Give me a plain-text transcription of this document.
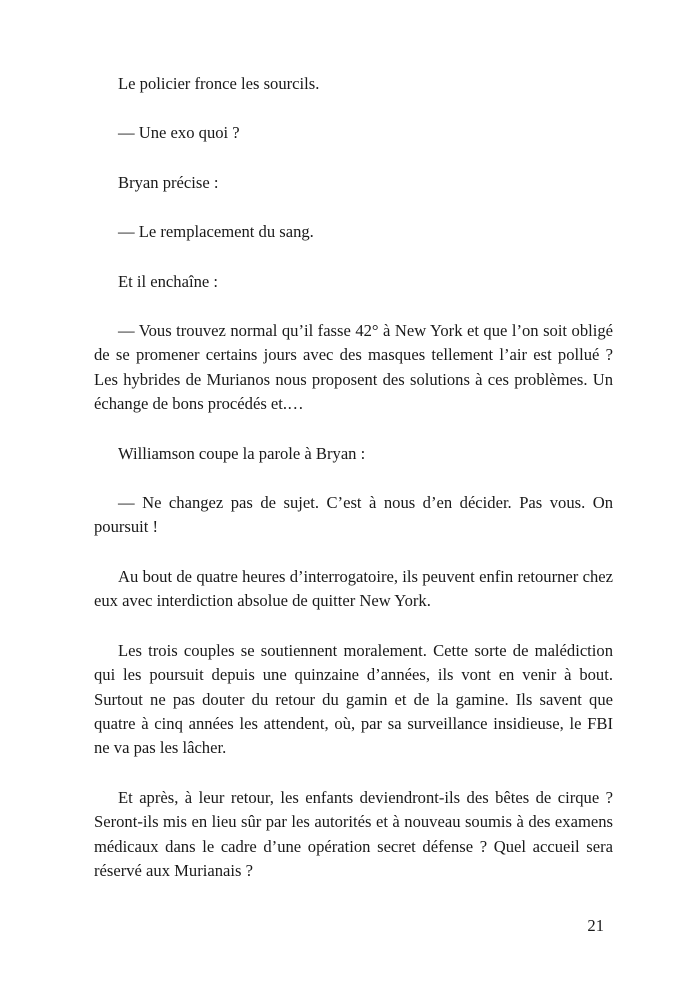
Le policier fronce les sourcils.

— Une exo quoi ?

Bryan précise :

— Le remplacement du sang.

Et il enchaîne :

— Vous trouvez normal qu’il fasse 42° à New York et que l’on soit obligé de se promener certains jours avec des masques tellement l’air est pollué ? Les hybrides de Murianos nous proposent des solutions à ces problèmes. Un échange de bons procédés et.…

Williamson coupe la parole à Bryan :

— Ne changez pas de sujet. C’est à nous d’en décider. Pas vous. On poursuit !

Au bout de quatre heures d’interrogatoire, ils peuvent enfin retourner chez eux avec interdiction absolue de quitter New York.

Les trois couples se soutiennent moralement. Cette sorte de malédiction qui les poursuit depuis une quinzaine d’années, ils vont en venir à bout. Surtout ne pas douter du retour du gamin et de la gamine. Ils savent que quatre à cinq années les attendent, où, par sa surveillance insidieuse, le FBI ne va pas les lâcher.

Et après, à leur retour, les enfants deviendront-ils des bêtes de cirque ? Seront-ils mis en lieu sûr par les autorités et à nouveau soumis à des examens médicaux dans le cadre d’une opération secret défense ? Quel accueil sera réservé aux Murianais ?

21
